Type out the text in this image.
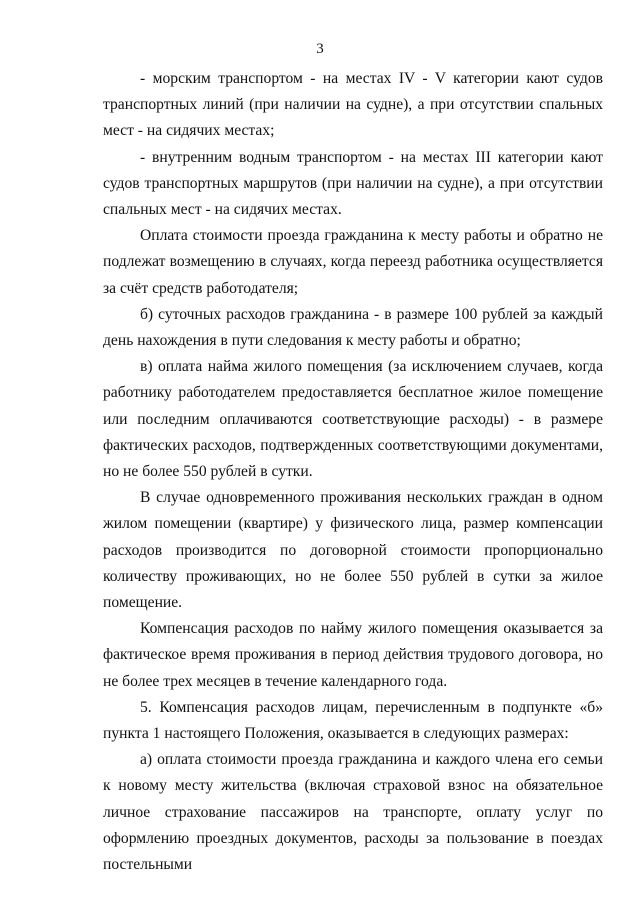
3

- морским транспортом - на местах IV - V категории кают судов транспортных линий (при наличии на судне), а при отсутствии спальных мест - на сидячих местах;

- внутренним водным транспортом - на местах III категории кают судов транспортных маршрутов (при наличии на судне), а при отсутствии спальных мест - на сидячих местах.

Оплата стоимости проезда гражданина к месту работы и обратно не подлежат возмещению в случаях, когда переезд работника осуществляется за счёт средств работодателя;

б) суточных расходов гражданина - в размере 100 рублей за каждый день нахождения в пути следования к месту работы и обратно;

в) оплата найма жилого помещения (за исключением случаев, когда работнику работодателем предоставляется бесплатное жилое помещение или последним оплачиваются соответствующие расходы) - в размере фактических расходов, подтвержденных соответствующими документами, но не более 550 рублей в сутки.

В случае одновременного проживания нескольких граждан в одном жилом помещении (квартире) у физического лица, размер компенсации расходов производится по договорной стоимости пропорционально количеству проживающих, но не более 550 рублей в сутки за жилое помещение.

Компенсация расходов по найму жилого помещения оказывается за фактическое время проживания в период действия трудового договора, но не более трех месяцев в течение календарного года.

5. Компенсация расходов лицам, перечисленным в подпункте «б» пункта 1 настоящего Положения, оказывается в следующих размерах:

а) оплата стоимости проезда гражданина и каждого члена его семьи к новому месту жительства (включая страховой взнос на обязательное личное страхование пассажиров на транспорте, оплату услуг по оформлению проездных документов, расходы за пользование в поездах постельными
